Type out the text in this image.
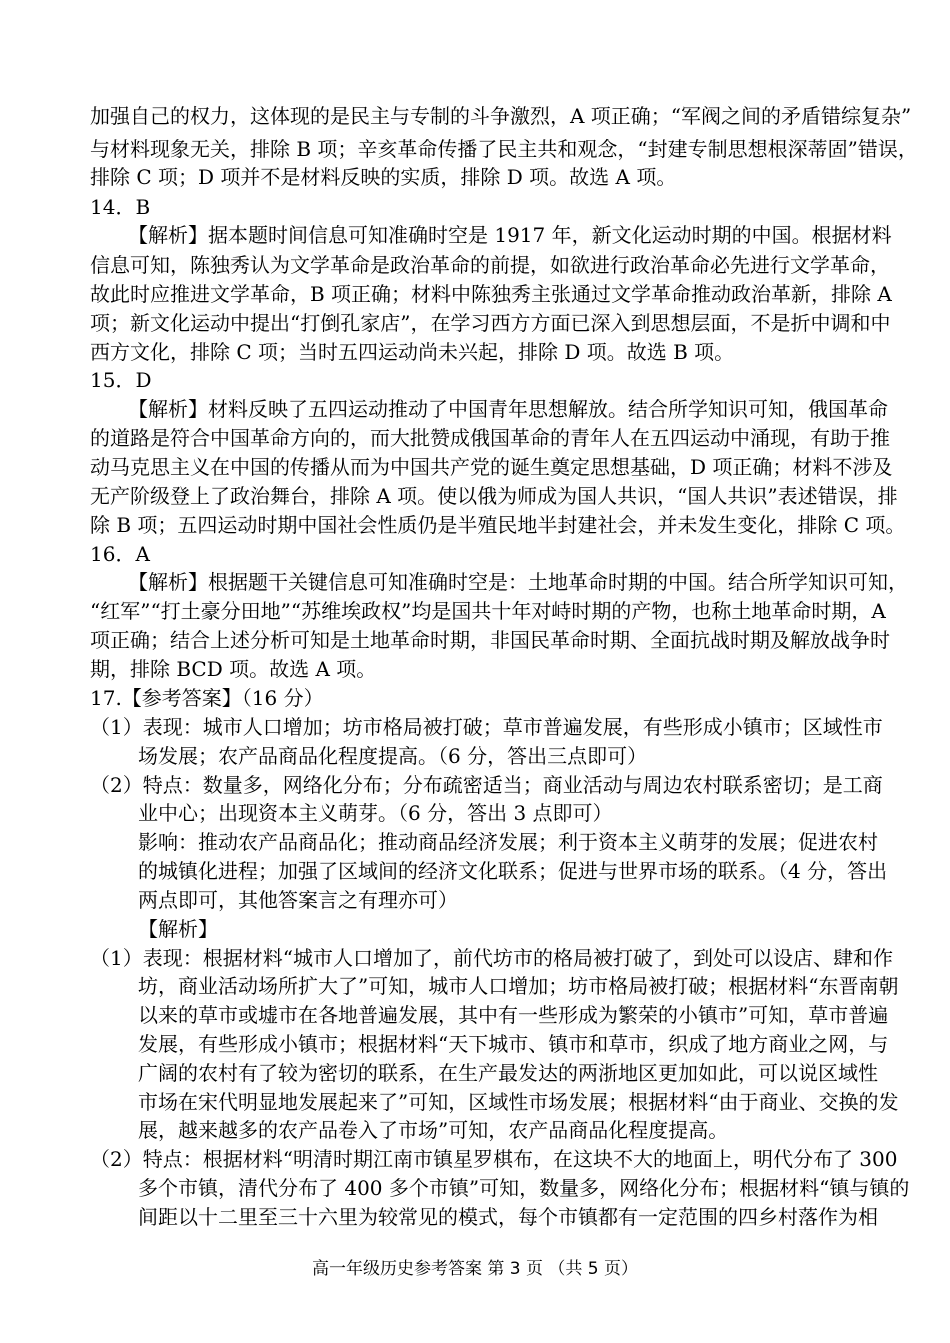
加强自己的权力，这体现的是民主与专制的斗争激烈，A 项正确；“军阀之间的矛盾错综复杂”
与材料现象无关，排除 B 项；辛亥革命传播了民主共和观念，“封建专制思想根深蒂固”错误，
排除 C 项；D 项并不是材料反映的实质，排除 D 项。故选 A 项。
14．B
【解析】据本题时间信息可知准确时空是 1917 年，新文化运动时期的中国。根据材料
信息可知，陈独秀认为文学革命是政治革命的前提，如欲进行政治革命必先进行文学革命，
故此时应推进文学革命，B 项正确；材料中陈独秀主张通过文学革命推动政治革新，排除 A
项；新文化运动中提出“打倒孔家店”，在学习西方方面已深入到思想层面，不是折中调和中
西方文化，排除 C 项；当时五四运动尚未兴起，排除 D 项。故选 B 项。
15．D
【解析】材料反映了五四运动推动了中国青年思想解放。结合所学知识可知，俄国革命
的道路是符合中国革命方向的，而大批赞成俄国革命的青年人在五四运动中涌现，有助于推
动马克思主义在中国的传播从而为中国共产党的诞生奠定思想基础，D 项正确；材料不涉及
无产阶级登上了政治舞台，排除 A 项。使以俄为师成为国人共识，“国人共识”表述错误，排
除 B 项；五四运动时期中国社会性质仍是半殖民地半封建社会，并未发生变化，排除 C 项。
16．A
【解析】根据题干关键信息可知准确时空是：土地革命时期的中国。结合所学知识可知，
“红军”“打土豪分田地”“苏维埃政权”均是国共十年对峙时期的产物，也称土地革命时期，A
项正确；结合上述分析可知是土地革命时期，非国民革命时期、全面抗战时期及解放战争时
期，排除 BCD 项。故选 A 项。
17.【参考答案】（16 分）
（1）表现：城市人口增加；坊市格局被打破；草市普遍发展，有些形成小镇市；区域性市
场发展；农产品商品化程度提高。（6 分，答出三点即可）
（2）特点：数量多，网络化分布；分布疏密适当；商业活动与周边农村联系密切；是工商
业中心；出现资本主义萌芽。（6 分，答出 3 点即可）
影响：推动农产品商品化；推动商品经济发展；利于资本主义萌芽的发展；促进农村
的城镇化进程；加强了区域间的经济文化联系；促进与世界市场的联系。（4 分，答出
两点即可，其他答案言之有理亦可）
【解析】
（1）表现：根据材料“城市人口增加了，前代坊市的格局被打破了，到处可以设店、肆和作
坊，商业活动场所扩大了”可知，城市人口增加；坊市格局被打破；根据材料“东晋南朝
以来的草市或墟市在各地普遍发展，其中有一些形成为繁荣的小镇市”可知，草市普遍
发展，有些形成小镇市；根据材料“天下城市、镇市和草市，织成了地方商业之网，与
广阔的农村有了较为密切的联系，在生产最发达的两浙地区更加如此，可以说区域性
市场在宋代明显地发展起来了”可知，区域性市场发展；根据材料“由于商业、交换的发
展，越来越多的农产品卷入了市场”可知，农产品商品化程度提高。
（2）特点：根据材料“明清时期江南市镇星罗棋布，在这块不大的地面上，明代分布了 300
多个市镇，清代分布了 400 多个市镇”可知，数量多，网络化分布；根据材料“镇与镇的
间距以十二里至三十六里为较常见的模式，每个市镇都有一定范围的四乡村落作为相
高一年级历史参考答案 第 3 页 （共 5 页）
